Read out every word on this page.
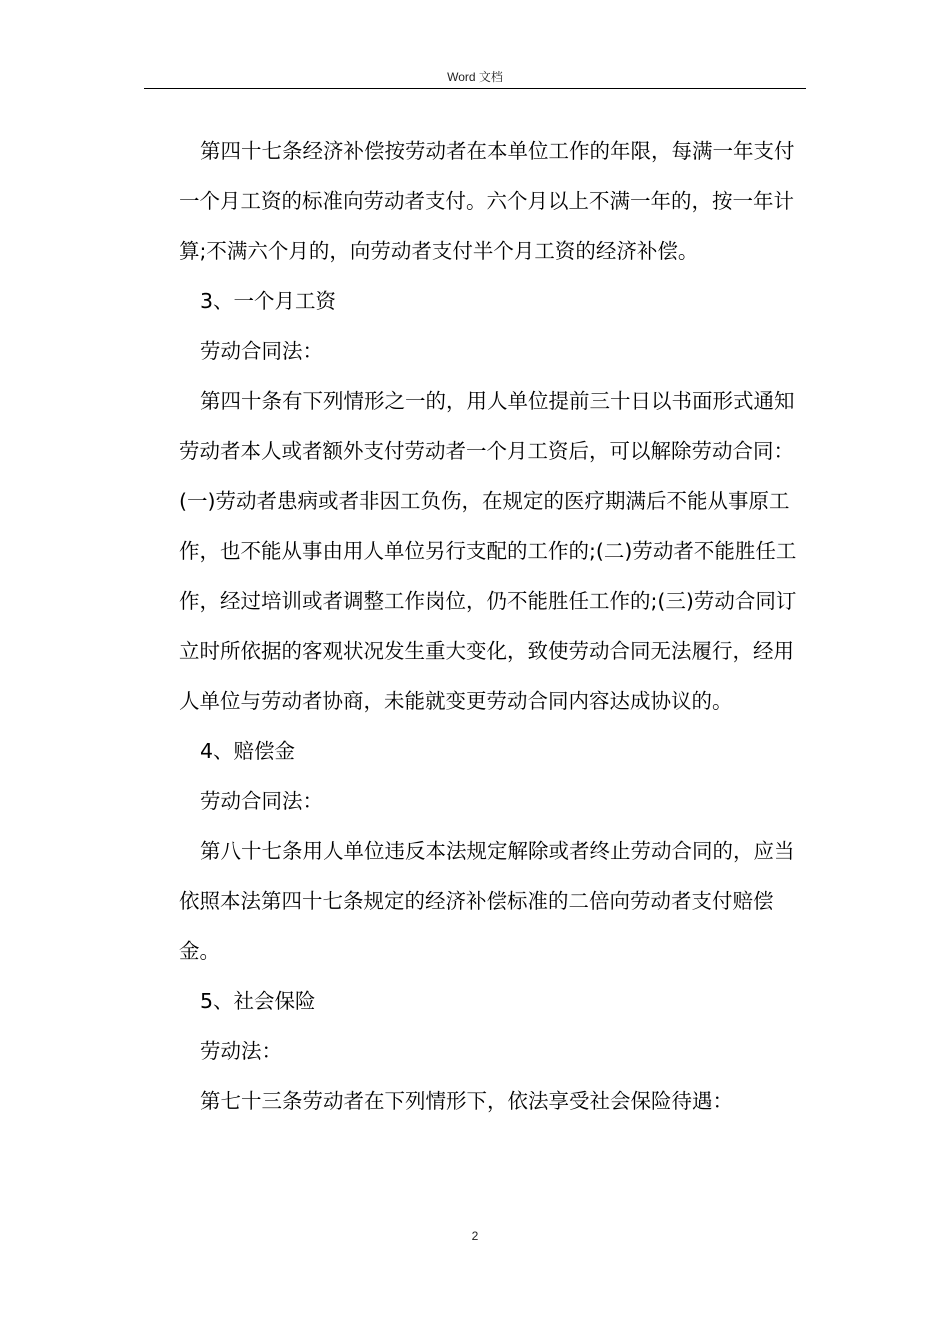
Word 文档

第四十七条经济补偿按劳动者在本单位工作的年限，每满一年支付一个月工资的标准向劳动者支付。六个月以上不满一年的，按一年计算;不满六个月的，向劳动者支付半个月工资的经济补偿。

3、一个月工资

劳动合同法：

第四十条有下列情形之一的，用人单位提前三十日以书面形式通知劳动者本人或者额外支付劳动者一个月工资后，可以解除劳动合同：(一)劳动者患病或者非因工负伤，在规定的医疗期满后不能从事原工作，也不能从事由用人单位另行支配的工作的;(二)劳动者不能胜任工作，经过培训或者调整工作岗位，仍不能胜任工作的;(三)劳动合同订立时所依据的客观状况发生重大变化，致使劳动合同无法履行，经用人单位与劳动者协商，未能就变更劳动合同内容达成协议的。

4、赔偿金

劳动合同法：

第八十七条用人单位违反本法规定解除或者终止劳动合同的，应当依照本法第四十七条规定的经济补偿标准的二倍向劳动者支付赔偿金。

5、社会保险

劳动法：

第七十三条劳动者在下列情形下，依法享受社会保险待遇：

2
